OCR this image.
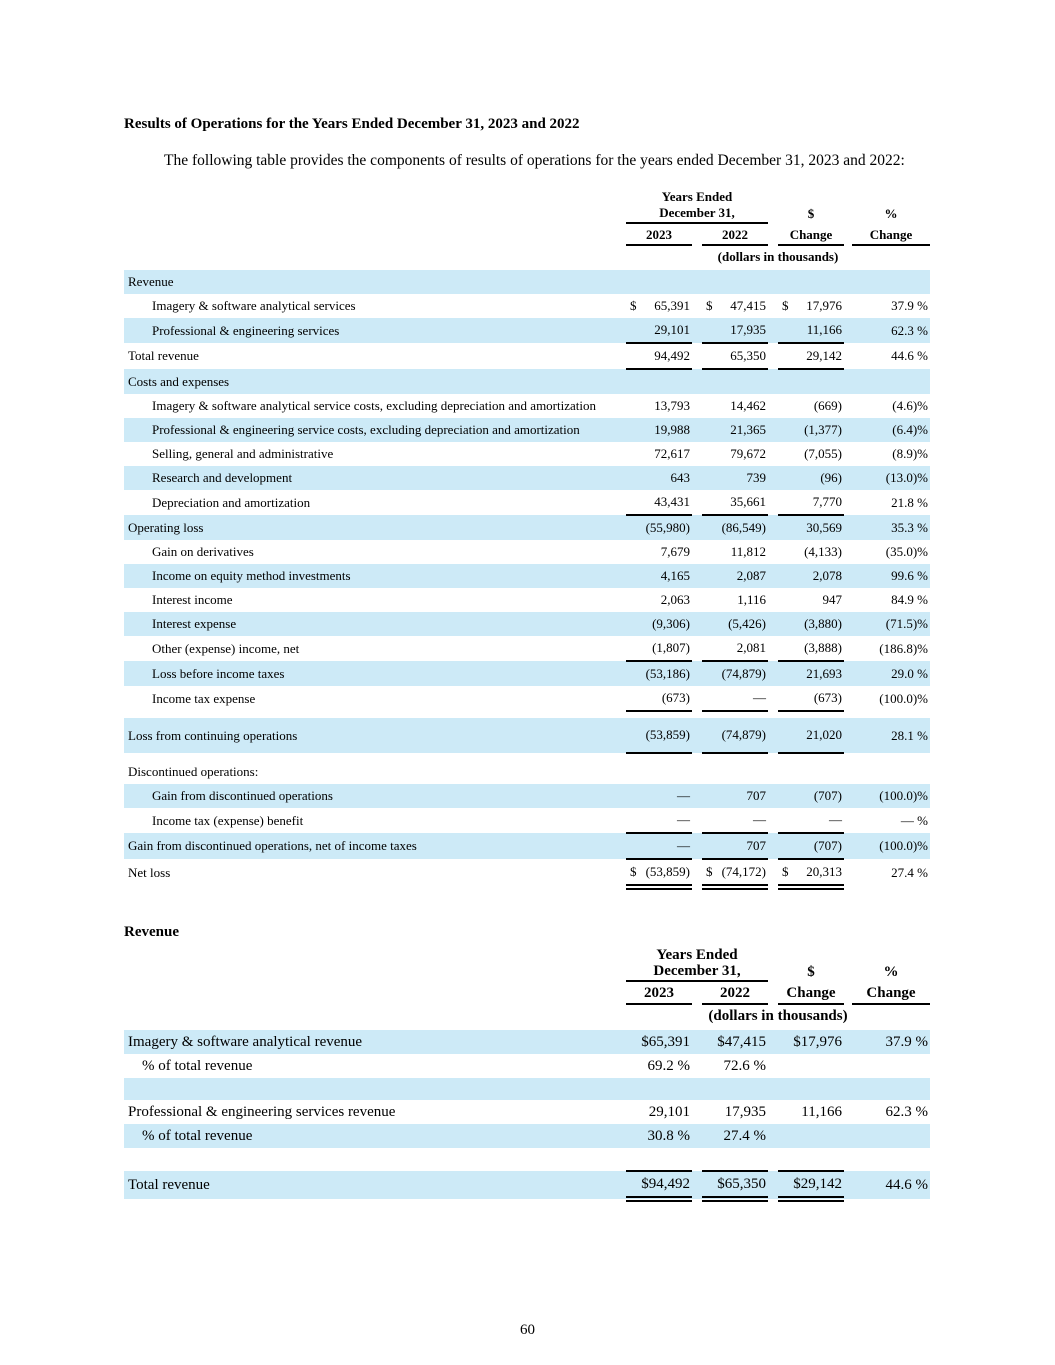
Results of Operations for the Years Ended December 31, 2023 and 2022

The following table provides the components of results of operations for the years ended December 31, 2023 and 2022:

	Years Ended
December 31,				$		%
	2023		2022		Change		Change
	(dollars in thousands)						
Revenue							
Imagery & software analytical services	$ 65,391		$ 47,415		$ 17,976		37.9 %
Professional & engineering services	29,101		17,935		11,166		62.3 %
Total revenue	94,492		65,350		29,142		44.6 %
Costs and expenses							
Imagery & software analytical service costs, excluding depreciation and amortization	13,793		14,462		(669)		(4.6)%
Professional & engineering service costs, excluding depreciation and amortization	19,988		21,365		(1,377)		(6.4)%
Selling, general and administrative	72,617		79,672		(7,055)		(8.9)%
Research and development	643		739		(96)		(13.0)%
Depreciation and amortization	43,431		35,661		7,770		21.8 %
Operating loss	(55,980)		(86,549)		30,569		35.3 %
Gain on derivatives	7,679		11,812		(4,133)		(35.0)%
Income on equity method investments	4,165		2,087		2,078		99.6 %
Interest income	2,063		1,116		947		84.9 %
Interest expense	(9,306)		(5,426)		(3,880)		(71.5)%
Other (expense) income, net	(1,807)		2,081		(3,888)		(186.8)%
Loss before income taxes	(53,186)		(74,879)		21,693		29.0 %
Income tax expense	(673)		—		(673)		(100.0)%

Loss from continuing operations	(53,859)		(74,879)		21,020		28.1 %

Discontinued operations:							
Gain from discontinued operations	—		707		(707)		(100.0)%
Income tax (expense) benefit	—		—		—		— %
Gain from discontinued operations, net of income taxes	—		707		(707)		(100.0)%
Net loss	$ (53,859)		$ (74,172)		$ 20,313		27.4 %
Revenue

	Years Ended
December 31,				$		%
	2023		2022		Change		Change
	(dollars in thousands)						
Imagery & software analytical revenue	$65,391		$47,415		$17,976		37.9 %
% of total revenue	69.2 %		72.6 %				

Professional & engineering services revenue	29,101		17,935		11,166		62.3 %
% of total revenue	30.8 %		27.4 %				

Total revenue	$94,492		$65,350		$29,142		44.6 %
60
